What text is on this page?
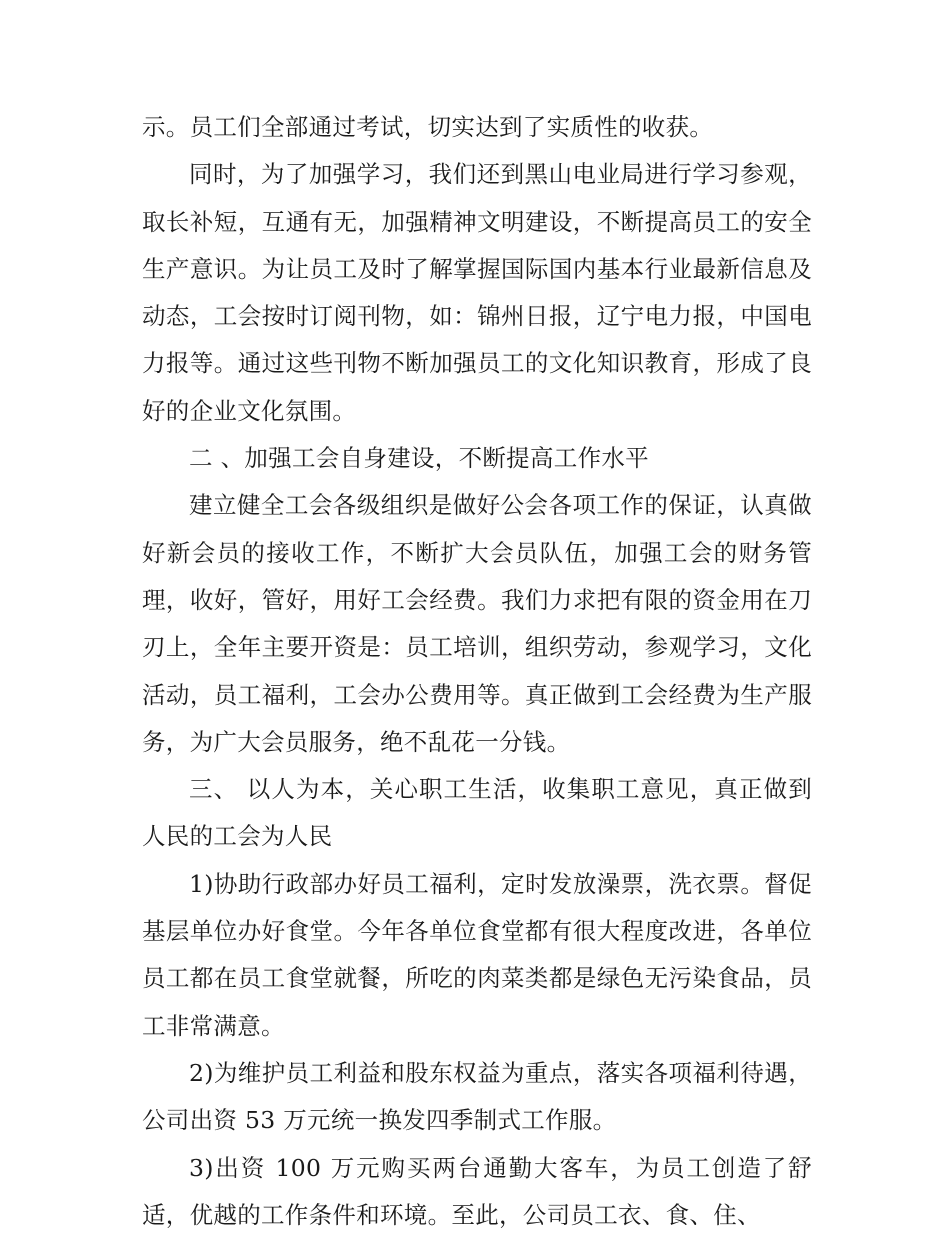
示。员工们全部通过考试，切实达到了实质性的收获。

同时，为了加强学习，我们还到黑山电业局进行学习参观，取长补短，互通有无，加强精神文明建设，不断提高员工的安全生产意识。为让员工及时了解掌握国际国内基本行业最新信息及动态，工会按时订阅刊物，如：锦州日报，辽宁电力报，中国电力报等。通过这些刊物不断加强员工的文化知识教育，形成了良好的企业文化氛围。

二 、加强工会自身建设，不断提高工作水平

建立健全工会各级组织是做好公会各项工作的保证，认真做好新会员的接收工作，不断扩大会员队伍，加强工会的财务管理，收好，管好，用好工会经费。我们力求把有限的资金用在刀刃上，全年主要开资是：员工培训，组织劳动，参观学习，文化活动，员工福利，工会办公费用等。真正做到工会经费为生产服务，为广大会员服务，绝不乱花一分钱。

三、 以人为本，关心职工生活，收集职工意见，真正做到人民的工会为人民

1)协助行政部办好员工福利，定时发放澡票，洗衣票。督促基层单位办好食堂。今年各单位食堂都有很大程度改进，各单位员工都在员工食堂就餐，所吃的肉菜类都是绿色无污染食品，员工非常满意。

2)为维护员工利益和股东权益为重点，落实各项福利待遇，公司出资 53 万元统一换发四季制式工作服。

3)出资 100 万元购买两台通勤大客车，为员工创造了舒适，优越的工作条件和环境。至此，公司员工衣、食、住、
